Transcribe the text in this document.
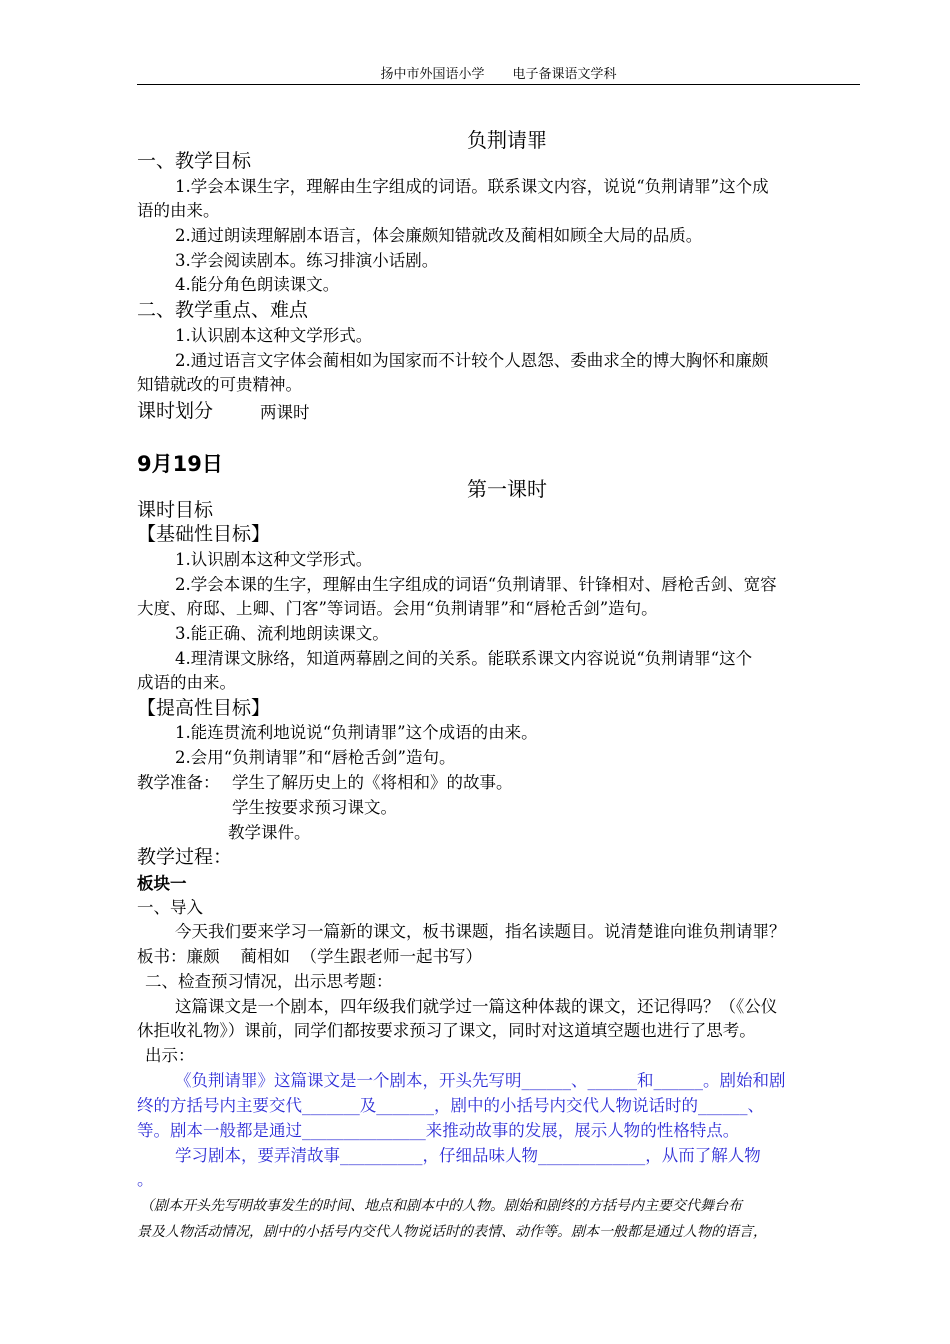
扬中市外国语小学 电子备课语文学科
负荆请罪
一、教学目标
1.学会本课生字，理解由生字组成的词语。联系课文内容，说说“负荆请罪”这个成
语的由来。
2.通过朗读理解剧本语言，体会廉颇知错就改及蔺相如顾全大局的品质。
3.学会阅读剧本。练习排演小话剧。
4.能分角色朗读课文。
二、教学重点、难点
1.认识剧本这种文学形式。
2.通过语言文字体会蔺相如为国家而不计较个人恩怨、委曲求全的博大胸怀和廉颇
知错就改的可贵精神。
课时划分	两课时
9月19日
第一课时
课时目标
【基础性目标】
1.认识剧本这种文学形式。
2.学会本课的生字，理解由生字组成的词语“负荆请罪、针锋相对、唇枪舌剑、宽容
大度、府邸、上卿、门客”等词语。会用“负荆请罪”和“唇枪舌剑”造句。
3.能正确、流利地朗读课文。
4.理清课文脉络，知道两幕剧之间的关系。能联系课文内容说说“负荆请罪“这个
成语的由来。
【提高性目标】
1.能连贯流利地说说“负荆请罪”这个成语的由来。
2.会用“负荆请罪”和“唇枪舌剑”造句。
教学准备： 学生了解历史上的《将相和》的故事。
学生按要求预习课文。
教学课件。
教学过程：
板块一
一、导入
今天我们要来学习一篇新的课文，板书课题，指名读题目。说清楚谁向谁负荆请罪？
板书：廉颇    蔺相如  （学生跟老师一起书写）
二、检查预习情况，出示思考题：
这篇课文是一个剧本，四年级我们就学过一篇这种体裁的课文，还记得吗？（《公仪
休拒收礼物》）课前，同学们都按要求预习了课文，同时对这道填空题也进行了思考。
出示：
《负荆请罪》这篇课文是一个剧本，开头先写明______、______和______。剧始和剧
终的方括号内主要交代_______及_______，剧中的小括号内交代人物说话时的______、
等。剧本一般都是通过_______________来推动故事的发展，展示人物的性格特点。
学习剧本，要弄清故事__________，仔细品味人物_____________，从而了解人物
。
（剧本开头先写明故事发生的时间、地点和剧本中的人物。剧始和剧终的方括号内主要交代舞台布
景及人物活动情况，剧中的小括号内交代人物说话时的表情、动作等。剧本一般都是通过人物的语言，
